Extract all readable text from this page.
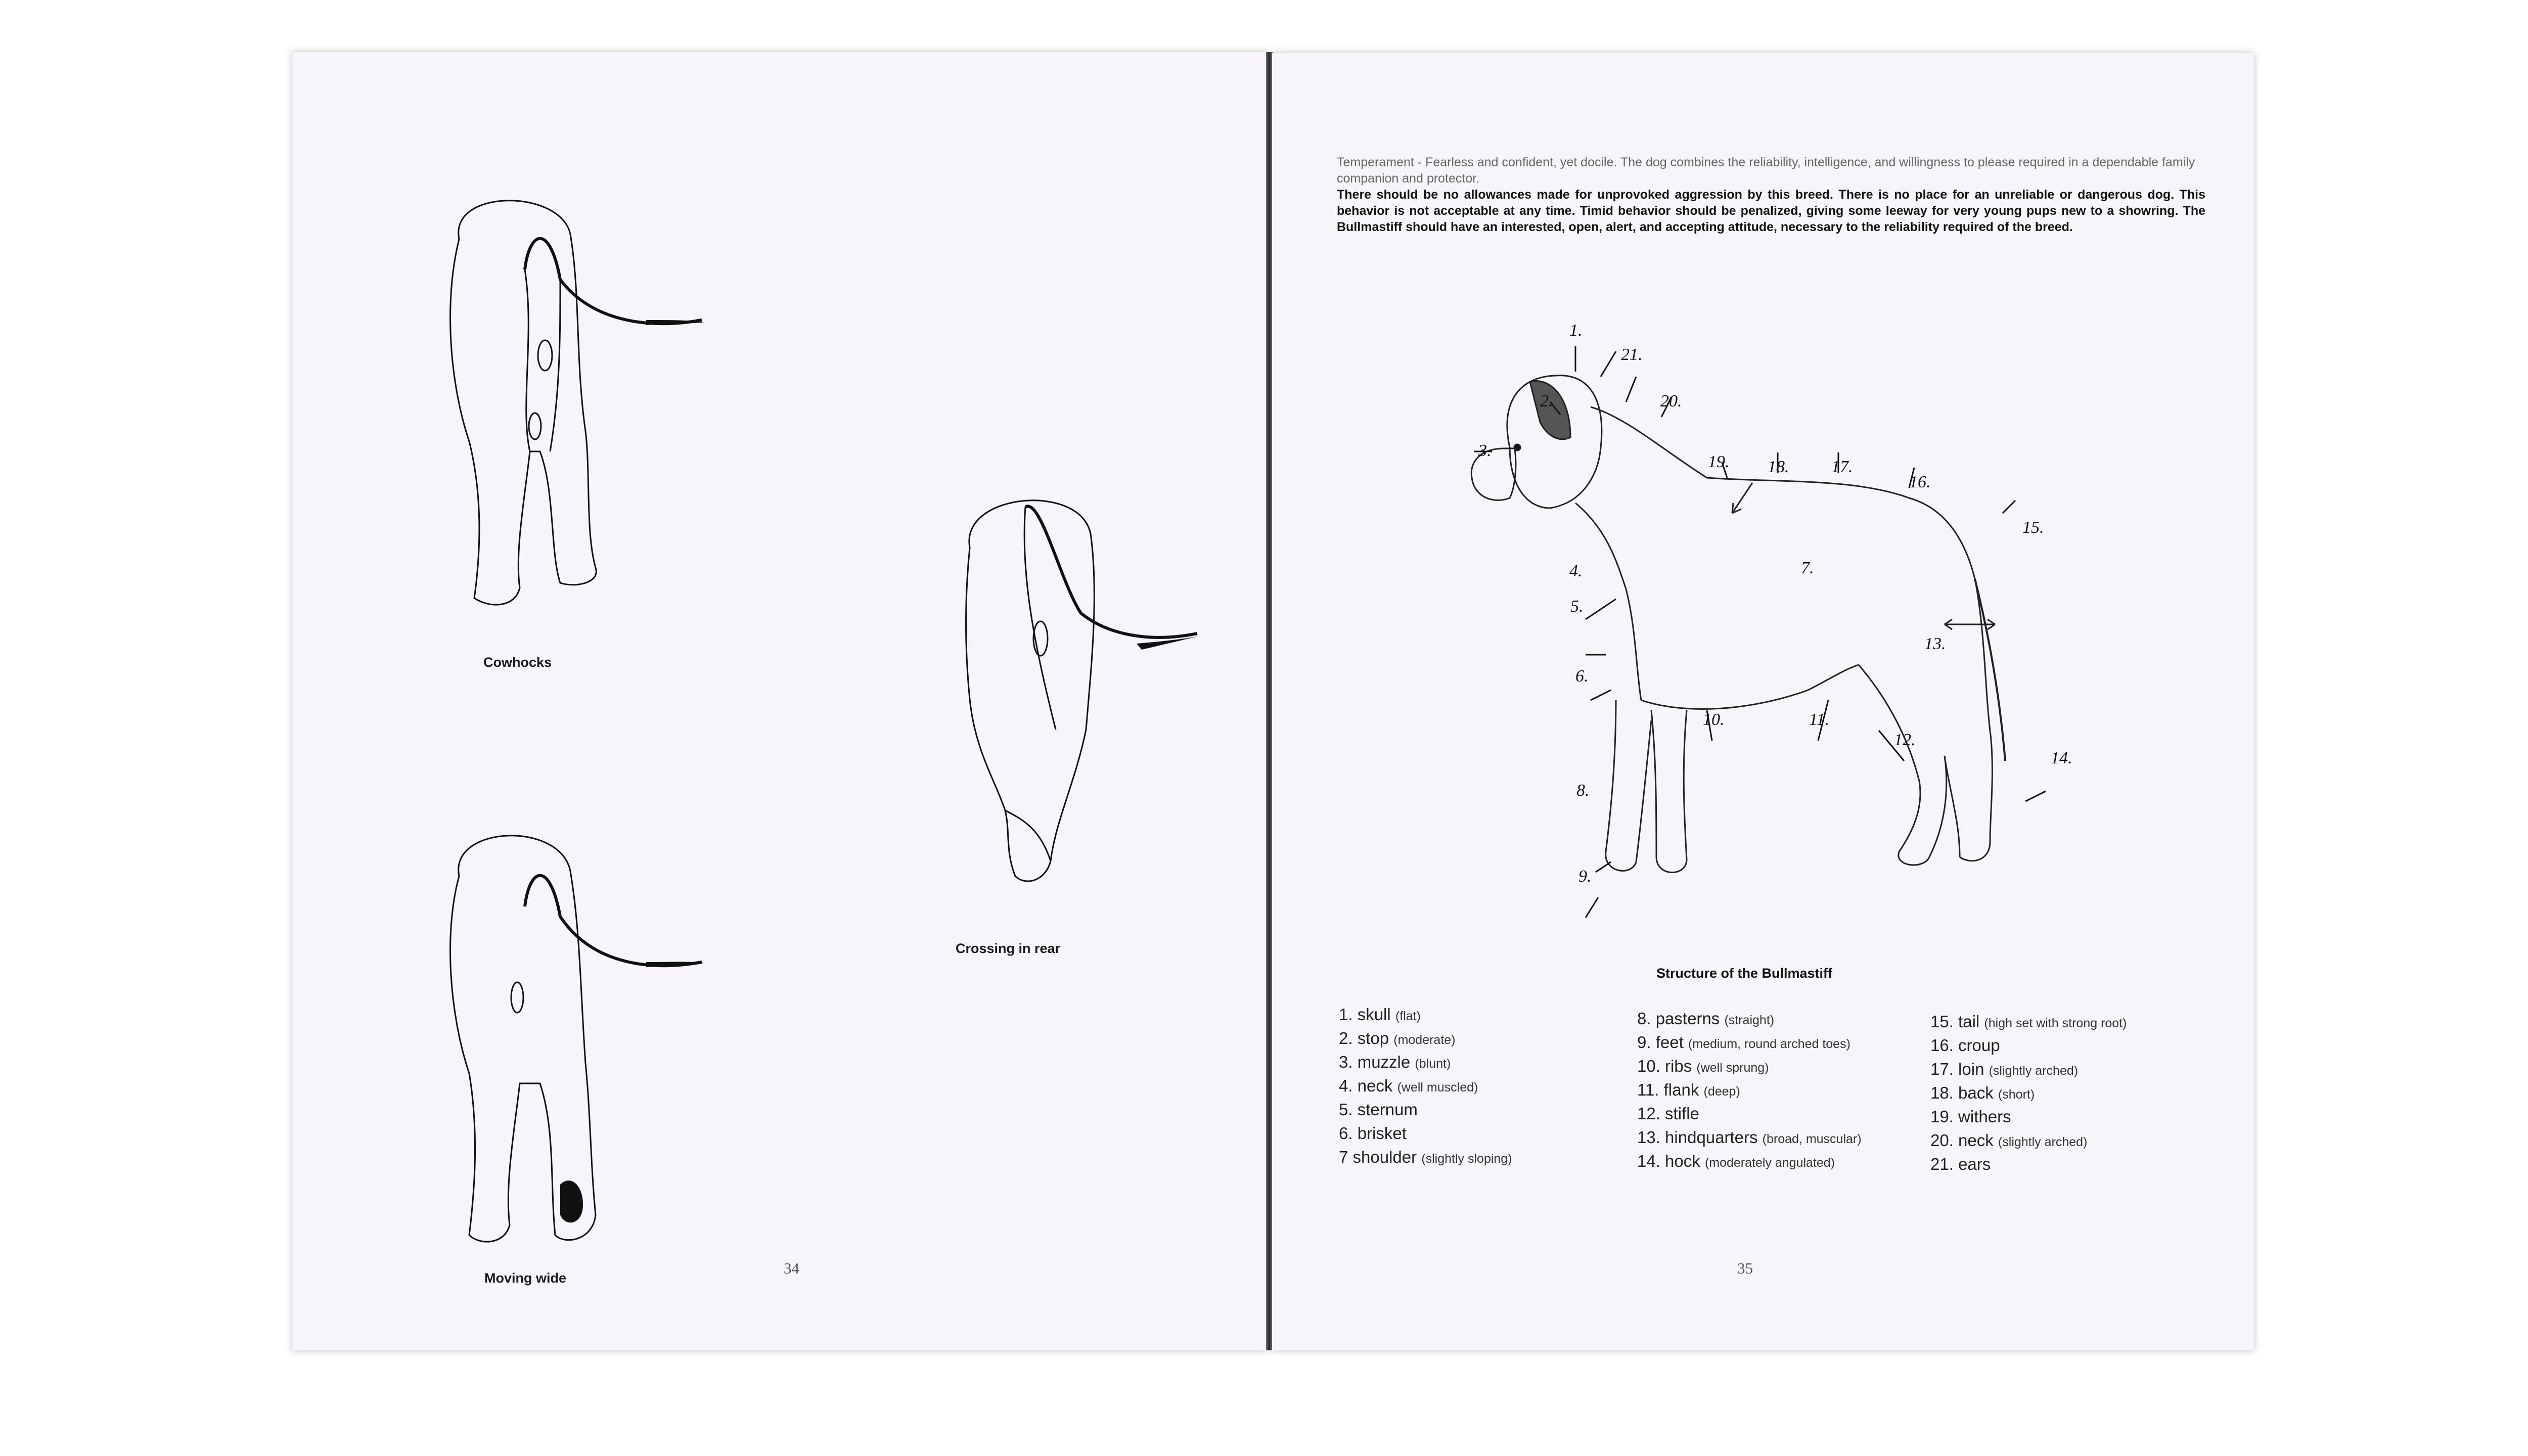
Cowhocks
Crossing in rear
Moving wide
34
Temperament - Fearless and confident, yet docile. The dog combines the reliability, intelligence, and willingness to please required in a dependable family companion and protector.
There should be no allowances made for unprovoked aggression by this breed. There is no place for an unreliable or dangerous dog. This behavior is not acceptable at any time. Timid behavior should be penalized, giving some leeway for very young pups new to a showring. The Bullmastiff should have an interested, open, alert, and accepting attitude, necessary to the reliability required of the breed.
1.
2.
3.
4.
5.
6.
7.
8.
9.
10.	11.
12.
13.
14.
15.
16.
17.
18.
19.
20.
21.
Structure of the Bullmastiff
1. skull (flat)
2. stop (moderate)
3. muzzle (blunt)
4. neck (well muscled)
5. sternum
6. brisket
7 shoulder (slightly sloping)
8. pasterns (straight)
9. feet (medium, round arched toes)
10. ribs (well sprung)
11. flank (deep)
12. stifle
13. hindquarters (broad, muscular)
14. hock (moderately angulated)
15. tail (high set with strong root)
16. croup
17. loin (slightly arched)
18. back (short)
19. withers
20. neck (slightly arched)
21. ears
35
